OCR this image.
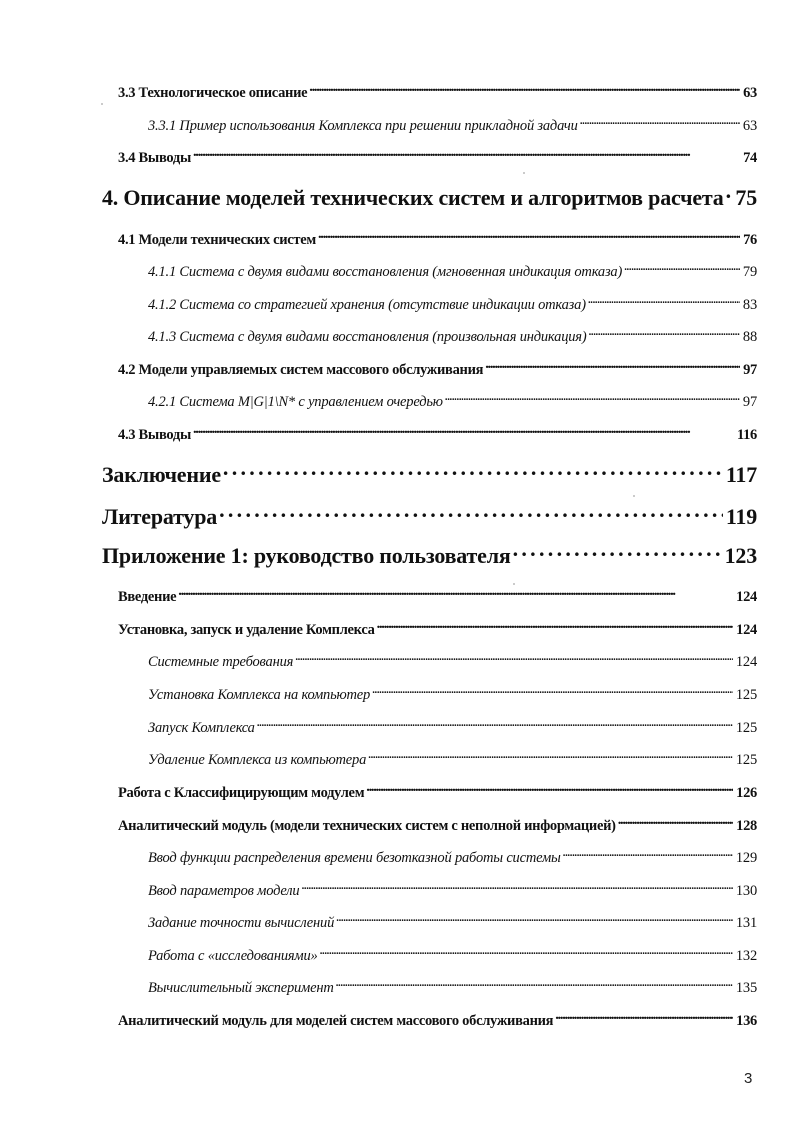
3.3 Технологическое описание . . .	63
3.3.1 Пример использования Комплекса при решении прикладной задачи . . .	63
3.4 Выводы . . .	74
4. Описание моделей технических систем и алгоритмов расчета . . . 75
4.1 Модели технических систем . . .	76
4.1.1 Система с двумя видами восстановления (мгновенная индикация отказа) . . .	79
4.1.2 Система со стратегией хранения (отсутствие индикации отказа) . . .	83
4.1.3 Система с двумя видами восстановления (произвольная индикация) . . .	88
4.2 Модели управляемых систем массового обслуживания . . .	97
4.2.1 Система M|G|1\N* с управлением очередью . . .	97
4.3 Выводы . . .	116
Заключение . . .	117
Литература . . .	119
Приложение 1: руководство пользователя . . .	123
Введение . . .	124
Установка, запуск и удаление Комплекса . . .	124
Системные требования . . .	124
Установка Комплекса на компьютер . . .	125
Запуск Комплекса . . .	125
Удаление Комплекса из компьютера . . .	125
Работа с Классифицирующим модулем . . .	126
Аналитический модуль (модели технических систем с неполной информацией) . . .	128
Ввод функции распределения времени безотказной работы системы . . .	129
Ввод параметров модели . . .	130
Задание точности вычислений . . .	131
Работа с «исследованиями» . . .	132
Вычислительный эксперимент . . .	135
Аналитический модуль для моделей систем массового обслуживания . . .	136
3
